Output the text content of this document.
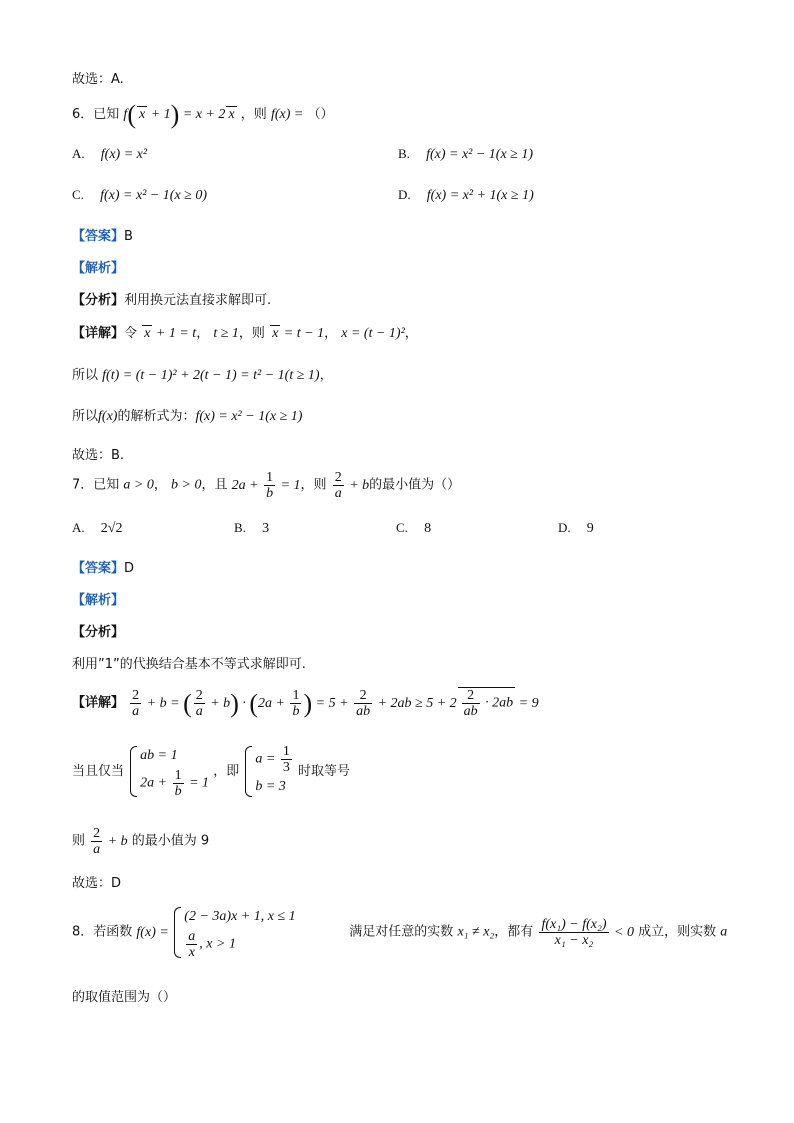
故选：A.
6．已知 f( x + 1) = x + 2 x ，则 f(x) = （）
A. f(x) = x²	B. f(x) = x² − 1(x ≥ 1)
C. f(x) = x² − 1(x ≥ 0)	D. f(x) = x² + 1(x ≥ 1)
【答案】B
【解析】
【分析】利用换元法直接求解即可.
【详解】令 x + 1 = t， t ≥ 1，则 x = t − 1， x = (t − 1)²，
所以 f(t) = (t − 1)² + 2(t − 1) = t² − 1(t ≥ 1)，
所以f(x)的解析式为：f(x) = x² − 1(x ≥ 1)
故选：B.
7．已知 a > 0， b > 0，且 $2a + \frac{1}{b} = 1$，则 $\frac{2}{a} + b$的最小值为（）
A. 2√2	B. 3	C. 8	D. 9
【答案】D
【解析】
【分析】
利用”1”的代换结合基本不等式求解即可.
【详解】 $\frac{2}{a} + b$ = ( $\frac{2}{a} + b) \cdot (2a + \frac{1}{b}$ ) = $5 + \frac{2}{ab} + 2ab \ge 5 + 2 \frac{2}{ab} \cdot 2ab = 9$
当且仅当
ab = 1
$2a + \frac{1}{b} = 1$
，即
$a = \frac{1}{3}$
b = 3
时取等号
则 $\frac{2}{a} + b$ 的最小值为 9
故选：D
8．若函数 f(x) =
(2 − 3a)x + 1, x ≤ 1
$\frac{a}{x}$ , x > 1
满足对任意的实数 x₁ ≠ x₂，都有 $\frac{\text{f(x₁) − f(x₂)}}{\text{x₁ − x₂}} < 0$ 成立，则实数 a
的取值范围为（）
